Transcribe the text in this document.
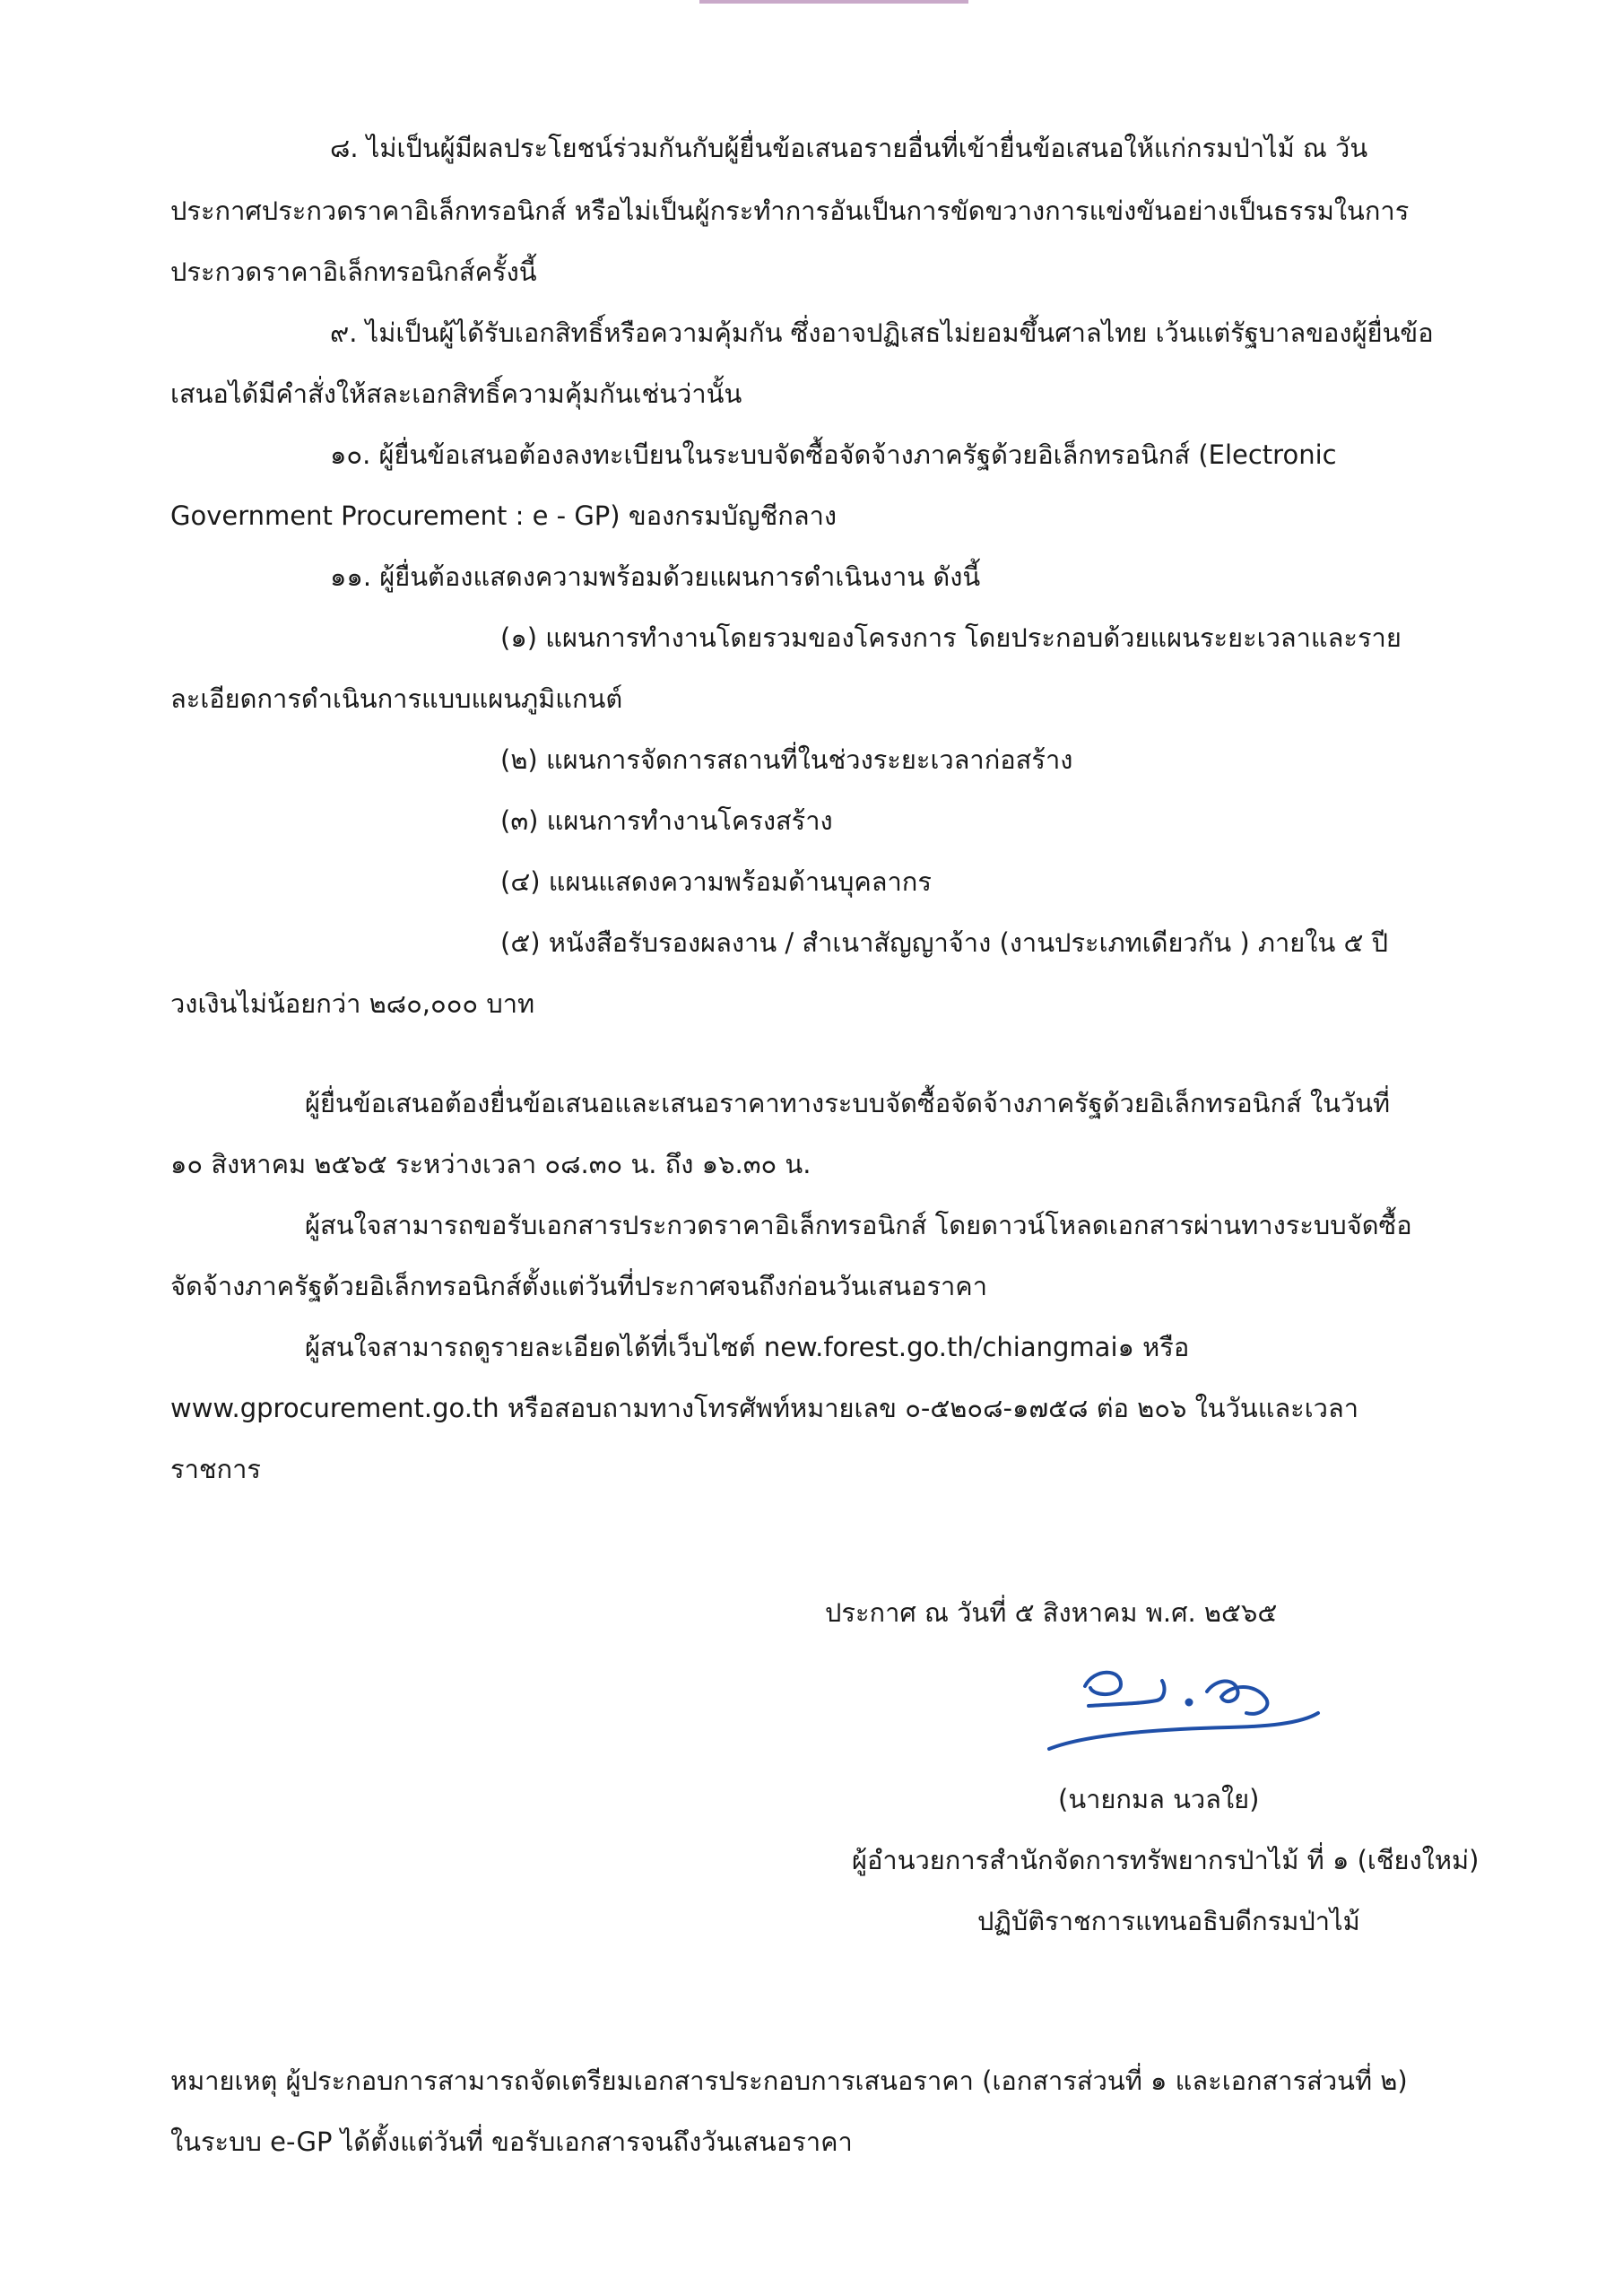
๘. ไม่เป็นผู้มีผลประโยชน์ร่วมกันกับผู้ยื่นข้อเสนอรายอื่นที่เข้ายื่นข้อเสนอให้แก่กรมป่าไม้ ณ วัน
ประกาศประกวดราคาอิเล็กทรอนิกส์ หรือไม่เป็นผู้กระทำการอันเป็นการขัดขวางการแข่งขันอย่างเป็นธรรมในการ
ประกวดราคาอิเล็กทรอนิกส์ครั้งนี้
๙. ไม่เป็นผู้ได้รับเอกสิทธิ์หรือความคุ้มกัน ซึ่งอาจปฏิเสธไม่ยอมขึ้นศาลไทย เว้นแต่รัฐบาลของผู้ยื่นข้อ
เสนอได้มีคำสั่งให้สละเอกสิทธิ์ความคุ้มกันเช่นว่านั้น
๑๐. ผู้ยื่นข้อเสนอต้องลงทะเบียนในระบบจัดซื้อจัดจ้างภาครัฐด้วยอิเล็กทรอนิกส์ (Electronic
Government Procurement : e - GP) ของกรมบัญชีกลาง
๑๑. ผู้ยื่นต้องแสดงความพร้อมด้วยแผนการดำเนินงาน ดังนี้
(๑) แผนการทำงานโดยรวมของโครงการ โดยประกอบด้วยแผนระยะเวลาและราย
ละเอียดการดำเนินการแบบแผนภูมิแกนต์
(๒) แผนการจัดการสถานที่ในช่วงระยะเวลาก่อสร้าง
(๓) แผนการทำงานโครงสร้าง
(๔) แผนแสดงความพร้อมด้านบุคลากร
(๕) หนังสือรับรองผลงาน / สำเนาสัญญาจ้าง (งานประเภทเดียวกัน ) ภายใน ๕ ปี
วงเงินไม่น้อยกว่า ๒๘๐,๐๐๐ บาท
ผู้ยื่นข้อเสนอต้องยื่นข้อเสนอและเสนอราคาทางระบบจัดซื้อจัดจ้างภาครัฐด้วยอิเล็กทรอนิกส์ ในวันที่
๑๐ สิงหาคม ๒๕๖๕ ระหว่างเวลา ๐๘.๓๐ น. ถึง ๑๖.๓๐ น.
ผู้สนใจสามารถขอรับเอกสารประกวดราคาอิเล็กทรอนิกส์ โดยดาวน์โหลดเอกสารผ่านทางระบบจัดซื้อ
จัดจ้างภาครัฐด้วยอิเล็กทรอนิกส์ตั้งแต่วันที่ประกาศจนถึงก่อนวันเสนอราคา
ผู้สนใจสามารถดูรายละเอียดได้ที่เว็บไซต์ new.forest.go.th/chiangmai๑ หรือ
www.gprocurement.go.th หรือสอบถามทางโทรศัพท์หมายเลข ๐-๕๒๐๘-๑๗๕๘ ต่อ ๒๐๖ ในวันและเวลา
ราชการ
ประกาศ ณ วันที่ ๕ สิงหาคม พ.ศ. ๒๕๖๕
(นายกมล นวลใย)
ผู้อำนวยการสำนักจัดการทรัพยากรป่าไม้ ที่ ๑ (เชียงใหม่)
ปฏิบัติราชการแทนอธิบดีกรมป่าไม้
หมายเหตุ ผู้ประกอบการสามารถจัดเตรียมเอกสารประกอบการเสนอราคา (เอกสารส่วนที่ ๑ และเอกสารส่วนที่ ๒)
ในระบบ e-GP ได้ตั้งแต่วันที่ ขอรับเอกสารจนถึงวันเสนอราคา
